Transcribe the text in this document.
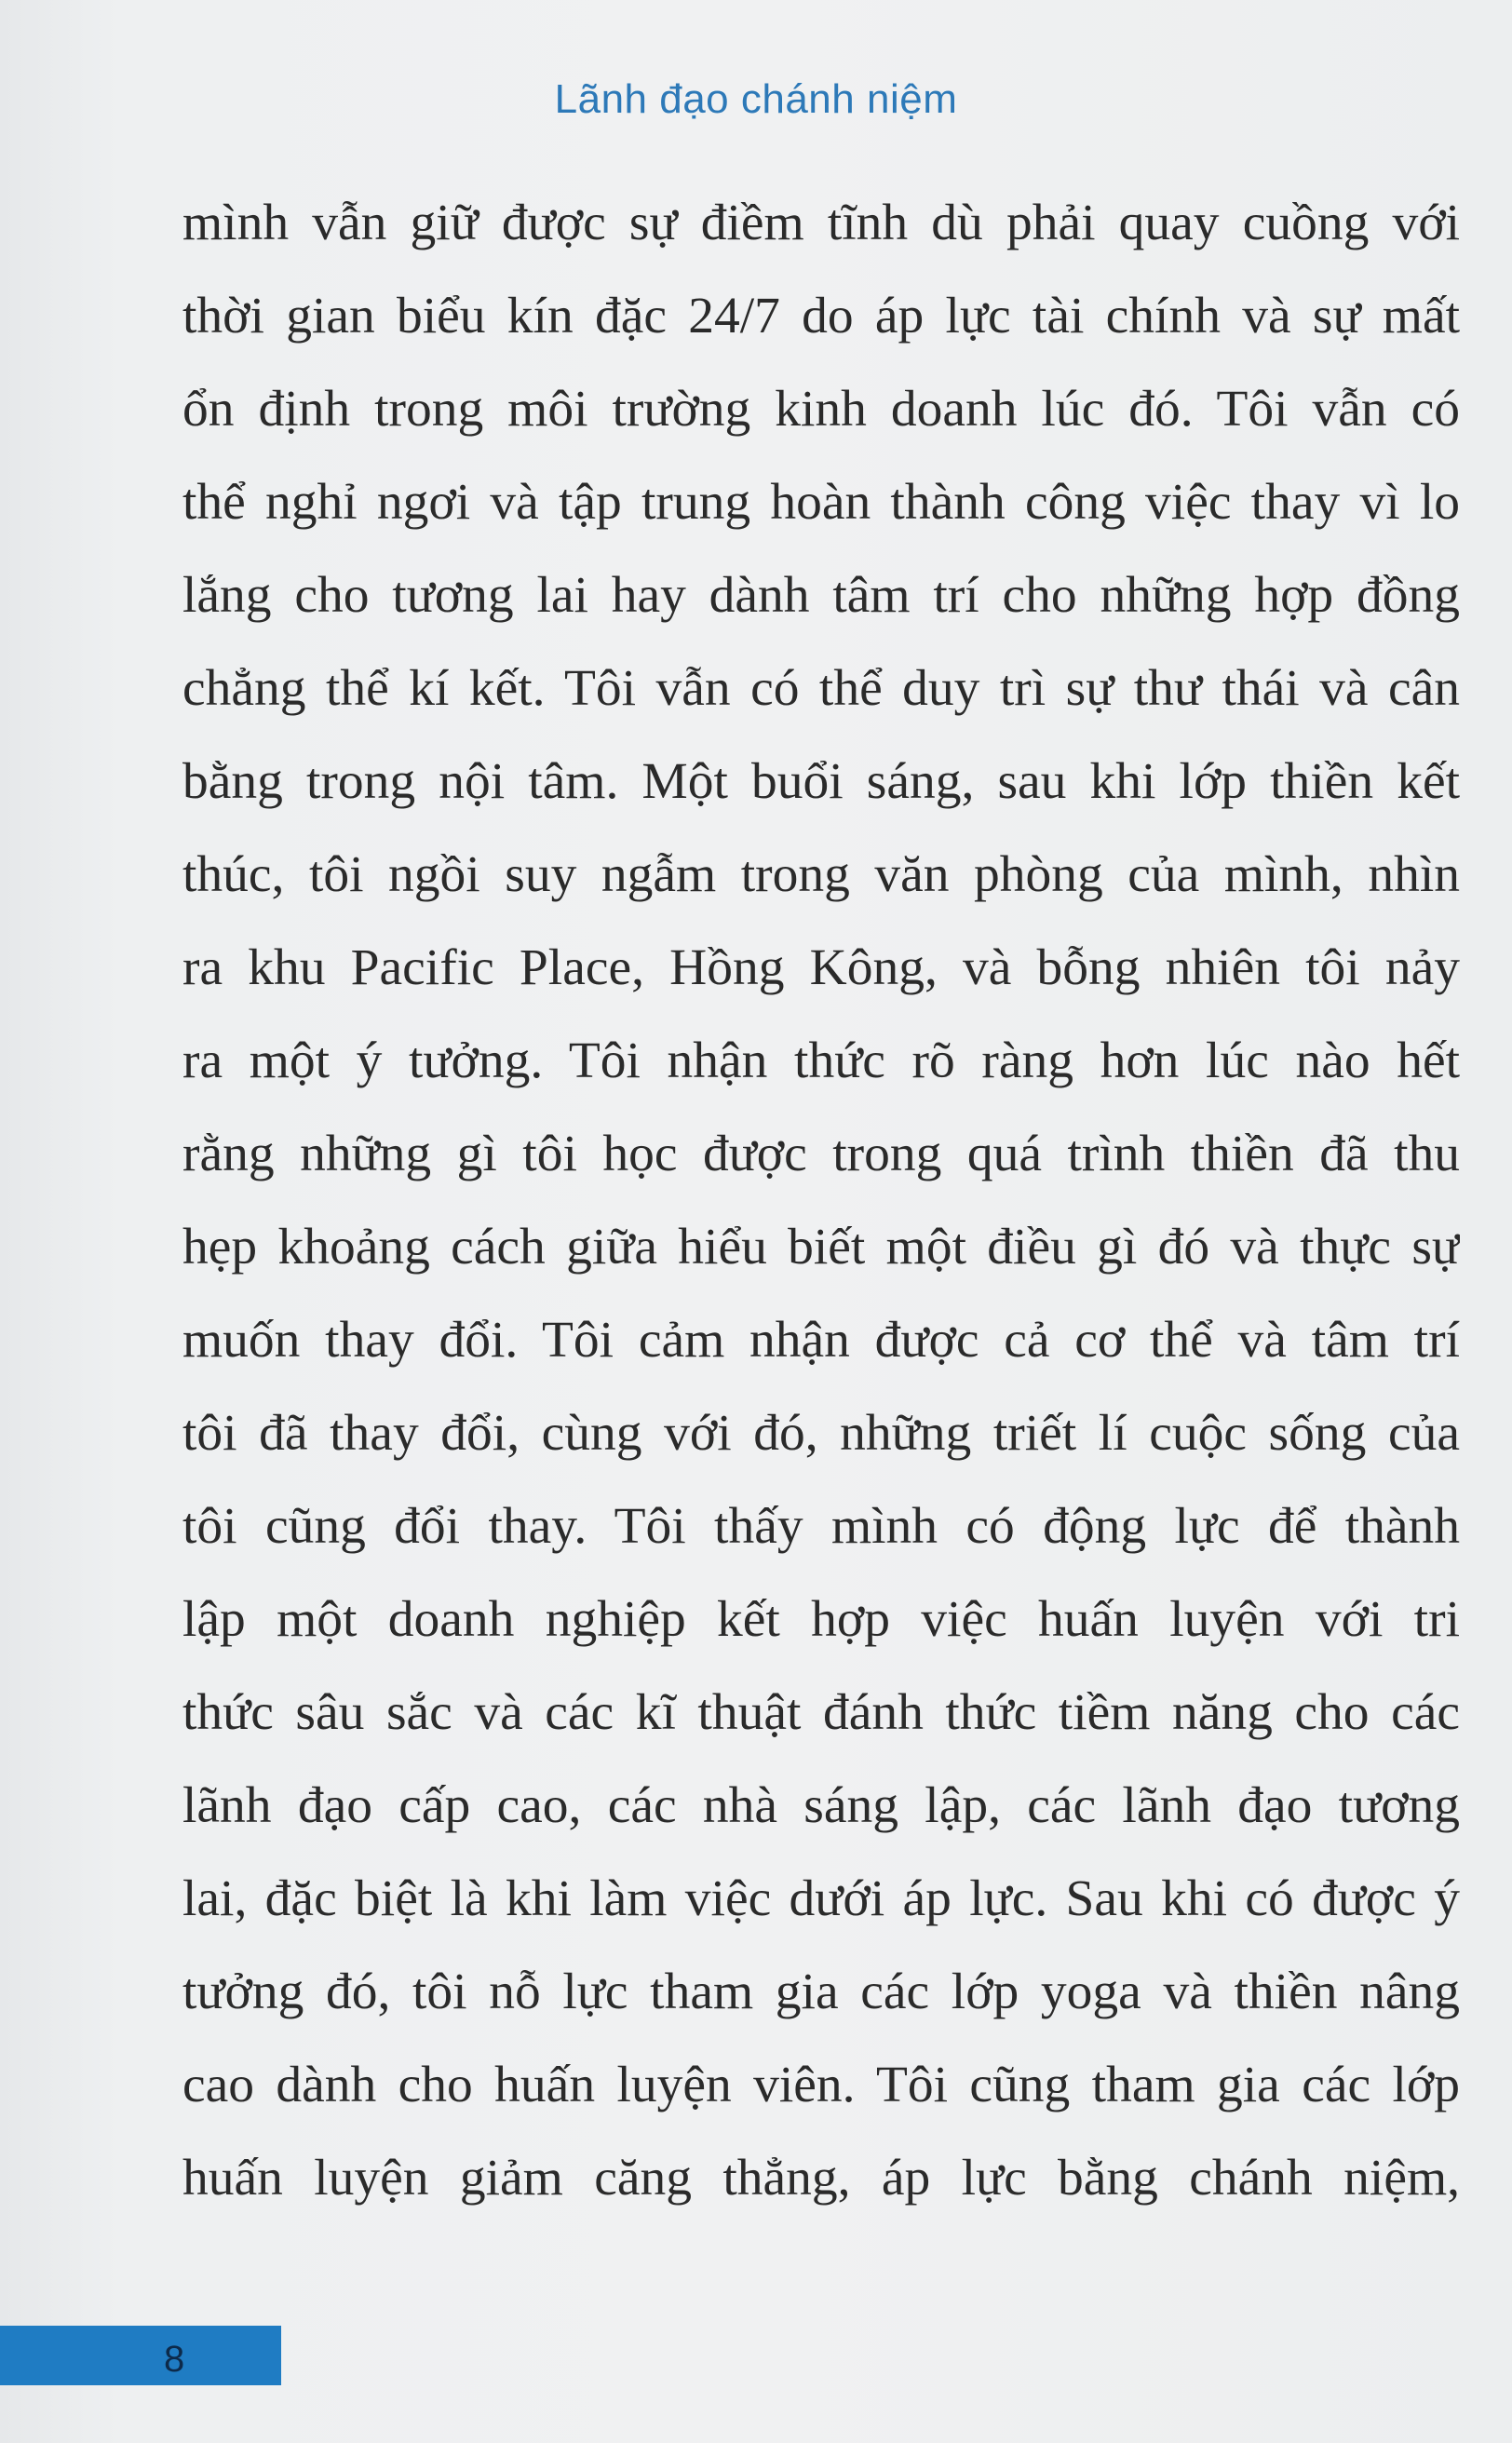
Lãnh đạo chánh niệm
mình vẫn giữ được sự điềm tĩnh dù phải quay cuồng với
thời gian biểu kín đặc 24/7 do áp lực tài chính và sự mất
ổn định trong môi trường kinh doanh lúc đó. Tôi vẫn có
thể nghỉ ngơi và tập trung hoàn thành công việc thay vì lo
lắng cho tương lai hay dành tâm trí cho những hợp đồng
chẳng thể kí kết. Tôi vẫn có thể duy trì sự thư thái và cân
bằng trong nội tâm. Một buổi sáng, sau khi lớp thiền kết
thúc, tôi ngồi suy ngẫm trong văn phòng của mình, nhìn
ra khu Pacific Place, Hồng Kông, và bỗng nhiên tôi nảy
ra một ý tưởng. Tôi nhận thức rõ ràng hơn lúc nào hết
rằng những gì tôi học được trong quá trình thiền đã thu
hẹp khoảng cách giữa hiểu biết một điều gì đó và thực sự
muốn thay đổi. Tôi cảm nhận được cả cơ thể và tâm trí
tôi đã thay đổi, cùng với đó, những triết lí cuộc sống của
tôi cũng đổi thay. Tôi thấy mình có động lực để thành
lập một doanh nghiệp kết hợp việc huấn luyện với tri
thức sâu sắc và các kĩ thuật đánh thức tiềm năng cho các
lãnh đạo cấp cao, các nhà sáng lập, các lãnh đạo tương
lai, đặc biệt là khi làm việc dưới áp lực. Sau khi có được ý
tưởng đó, tôi nỗ lực tham gia các lớp yoga và thiền nâng
cao dành cho huấn luyện viên. Tôi cũng tham gia các lớp
huấn luyện giảm căng thẳng, áp lực bằng chánh niệm,
8
